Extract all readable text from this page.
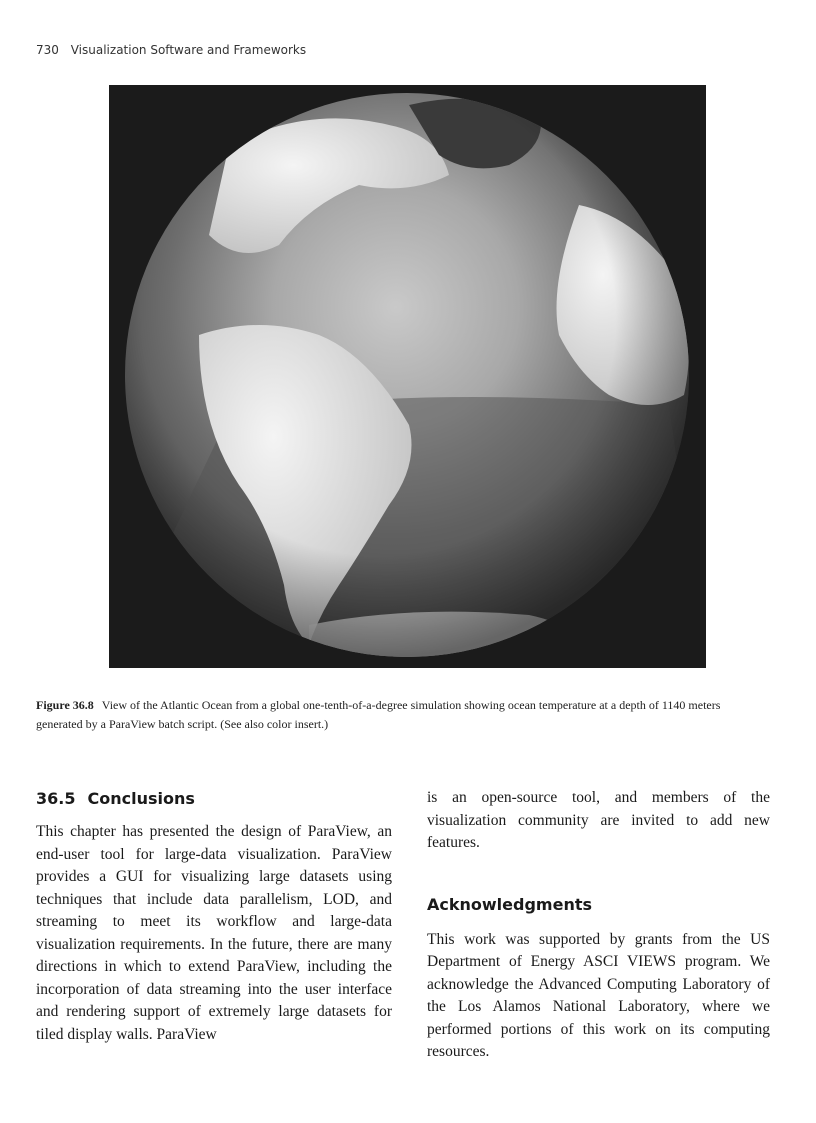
730 Visualization Software and Frameworks
Figure 36.8 View of the Atlantic Ocean from a global one-tenth-of-a-degree simulation showing ocean temperature at a depth of 1140 meters generated by a ParaView batch script. (See also color insert.)
36.5 Conclusions

This chapter has presented the design of ParaView, an end-user tool for large-data visualization. ParaView provides a GUI for visualizing large datasets using techniques that include data parallelism, LOD, and streaming to meet its workflow and large-data visualization requirements. In the future, there are many directions in which to extend ParaView, including the incorporation of data streaming into the user interface and rendering support of extremely large datasets for tiled display walls. ParaView

is an open-source tool, and members of the visualization community are invited to add new features.

Acknowledgments

This work was supported by grants from the US Department of Energy ASCI VIEWS program. We acknowledge the Advanced Computing Laboratory of the Los Alamos National Laboratory, where we performed portions of this work on its computing resources.
